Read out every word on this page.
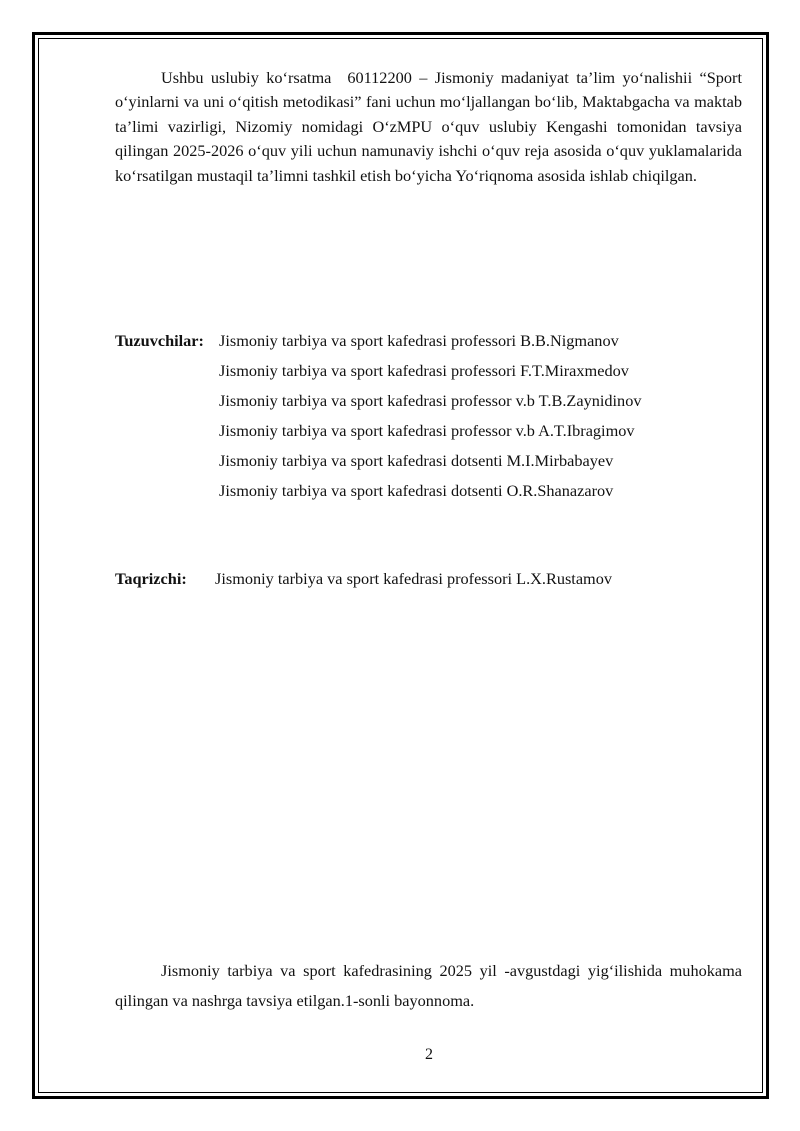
Ushbu uslubiy ko‘rsatma 60112200 – Jismoniy madaniyat ta’lim yo‘nalishii “Sport o‘yinlarni va uni o‘qitish metodikasi” fani uchun mo‘ljallangan bo‘lib, Maktabgacha va maktab ta’limi vazirligi, Nizomiy nomidagi O‘zMPU o‘quv uslubiy Kengashi tomonidan tavsiya qilingan 2025-2026 o‘quv yili uchun namunaviy ishchi o‘quv reja asosida o‘quv yuklamalarida ko‘rsatilgan mustaqil ta’limni tashkil etish bo‘yicha Yo‘riqnoma asosida ishlab chiqilgan.

Tuzuvchilar: Jismoniy tarbiya va sport kafedrasi professori B.B.Nigmanov
Jismoniy tarbiya va sport kafedrasi professori F.T.Miraxmedov
Jismoniy tarbiya va sport kafedrasi professor v.b T.B.Zaynidinov
Jismoniy tarbiya va sport kafedrasi professor v.b A.T.Ibragimov
Jismoniy tarbiya va sport kafedrasi dotsenti M.I.Mirbabayev
Jismoniy tarbiya va sport kafedrasi dotsenti O.R.Shanazarov
Taqrizchi: Jismoniy tarbiya va sport kafedrasi professori L.X.Rustamov

Jismoniy tarbiya va sport kafedrasining 2025 yil -avgustdagi yig‘ilishida muhokama qilingan va nashrga tavsiya etilgan.1-sonli bayonnoma.

2
